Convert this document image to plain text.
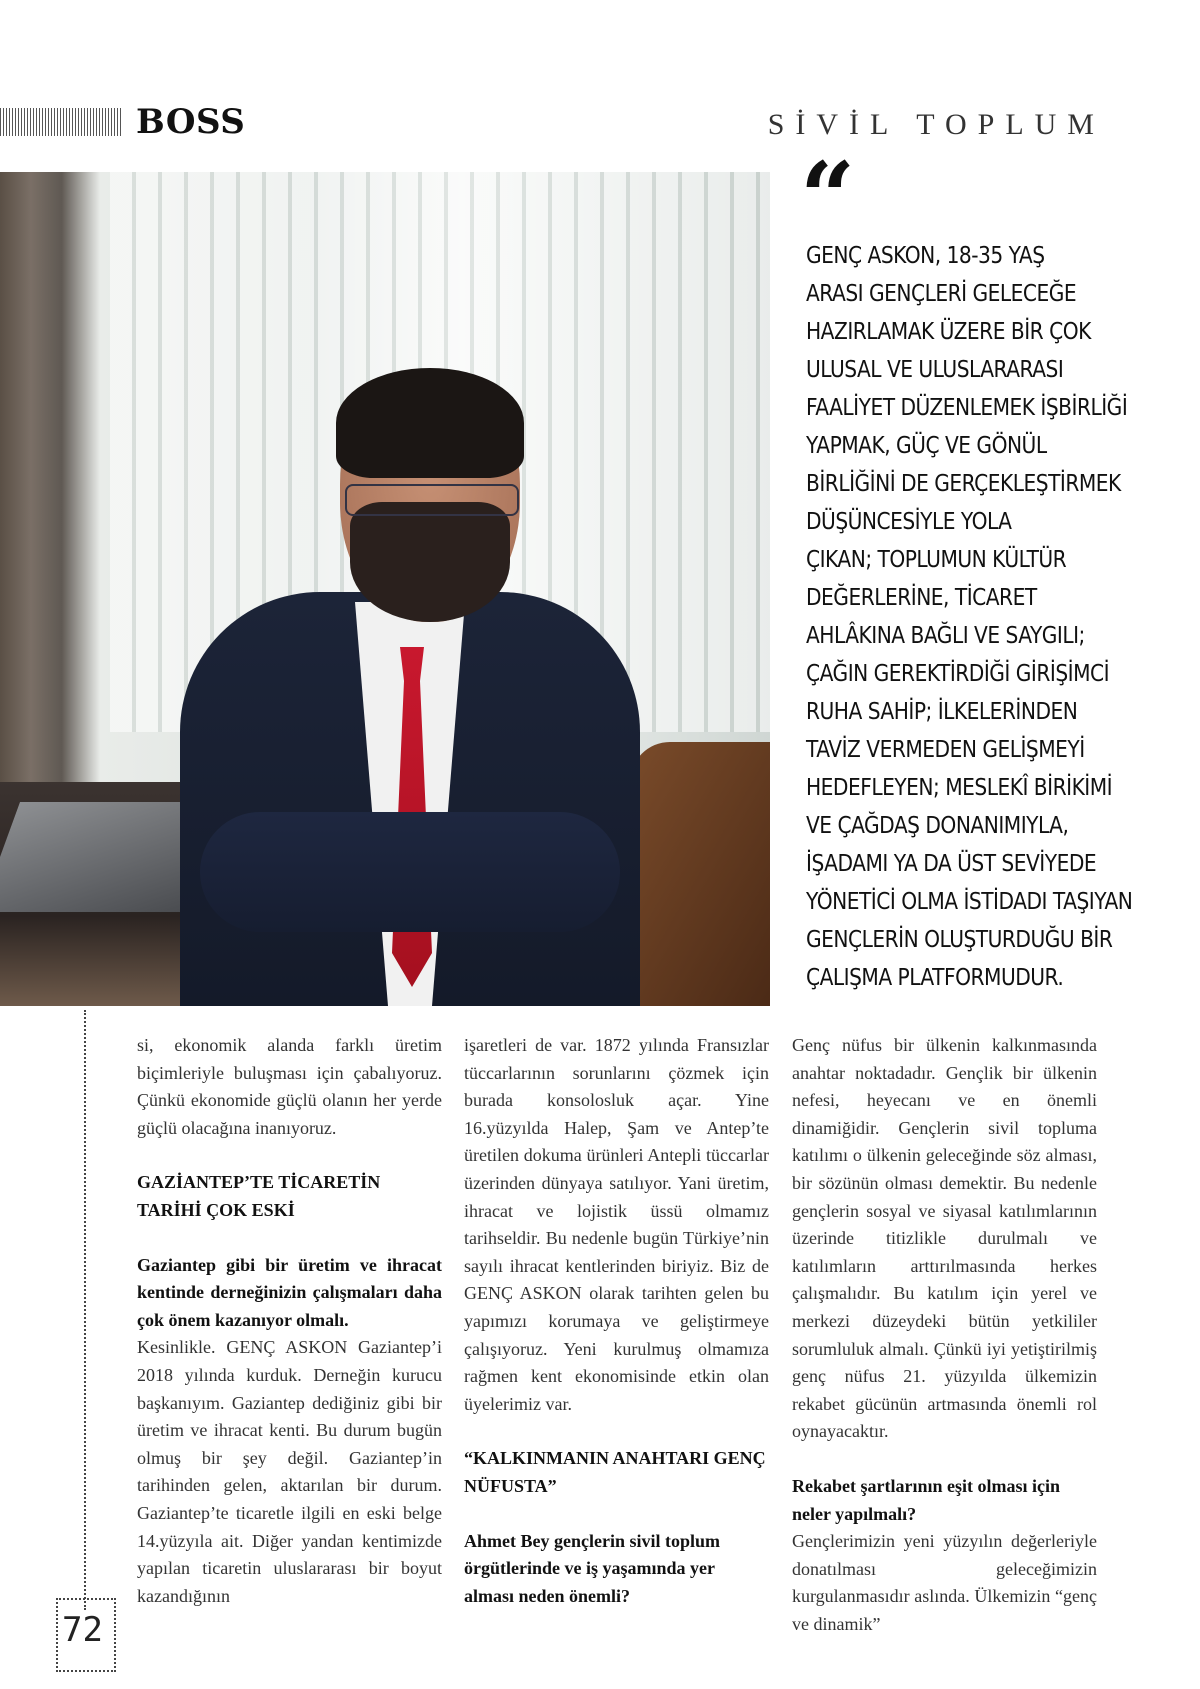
BOSS	SİVİL TOPLUM
“
GENÇ ASKON, 18-35 YAŞ
ARASI GENÇLERİ GELECEĞE
HAZIRLAMAK ÜZERE BİR ÇOK
ULUSAL VE ULUSLARARASI
FAALİYET DÜZENLEMEK İŞBİRLİĞİ
YAPMAK, GÜÇ VE GÖNÜL
BİRLİĞİNİ DE GERÇEKLEŞTİRMEK
DÜŞÜNCESİYLE YOLA
ÇIKAN; TOPLUMUN KÜLTÜR
DEĞERLERİNE, TİCARET
AHLÂKINA BAĞLI VE SAYGILI;
ÇAĞIN GEREKTİRDİĞİ GİRİŞİMCİ
RUHA SAHİP; İLKELERİNDEN
TAVİZ VERMEDEN GELİŞMEYİ
HEDEFLEYEN; MESLEKÎ BİRİKİMİ
VE ÇAĞDAŞ DONANIMIYLA,
İŞADAMI YA DA ÜST SEVİYEDE
YÖNETİCİ OLMA İSTİDADI TAŞIYAN
GENÇLERİN OLUŞTURDUĞU BİR
ÇALIŞMA PLATFORMUDUR.
72

si, ekonomik alanda farklı üretim biçimleriyle buluşması için çabalıyoruz. Çünkü ekonomide güçlü olanın her yerde güçlü olacağına inanıyoruz.

GAZİANTEP’TE TİCARETİN TARİHİ ÇOK ESKİ

Gaziantep gibi bir üretim ve ihracat kentinde derneğinizin çalışmaları daha çok önem kazanıyor olmalı.

Kesinlikle. GENÇ ASKON Gaziantep’i 2018 yılında kurduk. Derneğin kurucu başkanıyım. Gaziantep dediğiniz gibi bir üretim ve ihracat kenti. Bu durum bugün olmuş bir şey değil. Gaziantep’in tarihinden gelen, aktarılan bir durum. Gaziantep’te ticaretle ilgili en eski belge 14.yüzyıla ait. Diğer yandan kentimizde yapılan ticaretin uluslararası bir boyut kazandığının

işaretleri de var. 1872 yılında Fransızlar tüccarlarının sorunlarını çözmek için burada konsolosluk açar. Yine 16.yüzyılda Halep, Şam ve Antep’te üretilen dokuma ürünleri Antepli tüccarlar üzerinden dünyaya satılıyor. Yani üretim, ihracat ve lojistik üssü olmamız tarihseldir. Bu nedenle bugün Türkiye’nin sayılı ihracat kentlerinden biriyiz. Biz de GENÇ ASKON olarak tarihten gelen bu yapımızı korumaya ve geliştirmeye çalışıyoruz. Yeni kurulmuş olmamıza rağmen kent ekonomisinde etkin olan üyelerimiz var.

“KALKINMANIN ANAHTARI GENÇ NÜFUSTA”

Ahmet Bey gençlerin sivil toplum örgütlerinde ve iş yaşamında yer alması neden önemli?

Genç nüfus bir ülkenin kalkınmasında anahtar noktadadır. Gençlik bir ülkenin nefesi, heyecanı ve en önemli dinamiğidir. Gençlerin sivil topluma katılımı o ülkenin geleceğinde söz alması, bir sözünün olması demektir. Bu nedenle gençlerin sosyal ve siyasal katılımlarının üzerinde titizlikle durulmalı ve katılımların arttırılmasında herkes çalışmalıdır. Bu katılım için yerel ve merkezi düzeydeki bütün yetkililer sorumluluk almalı. Çünkü iyi yetiştirilmiş genç nüfus 21. yüzyılda ülkemizin rekabet gücünün artmasında önemli rol oynayacaktır.

Rekabet şartlarının eşit olması için neler yapılmalı?

Gençlerimizin yeni yüzyılın değerleriyle donatılması geleceğimizin kurgulanmasıdır aslında. Ülkemizin “genç ve dinamik”
